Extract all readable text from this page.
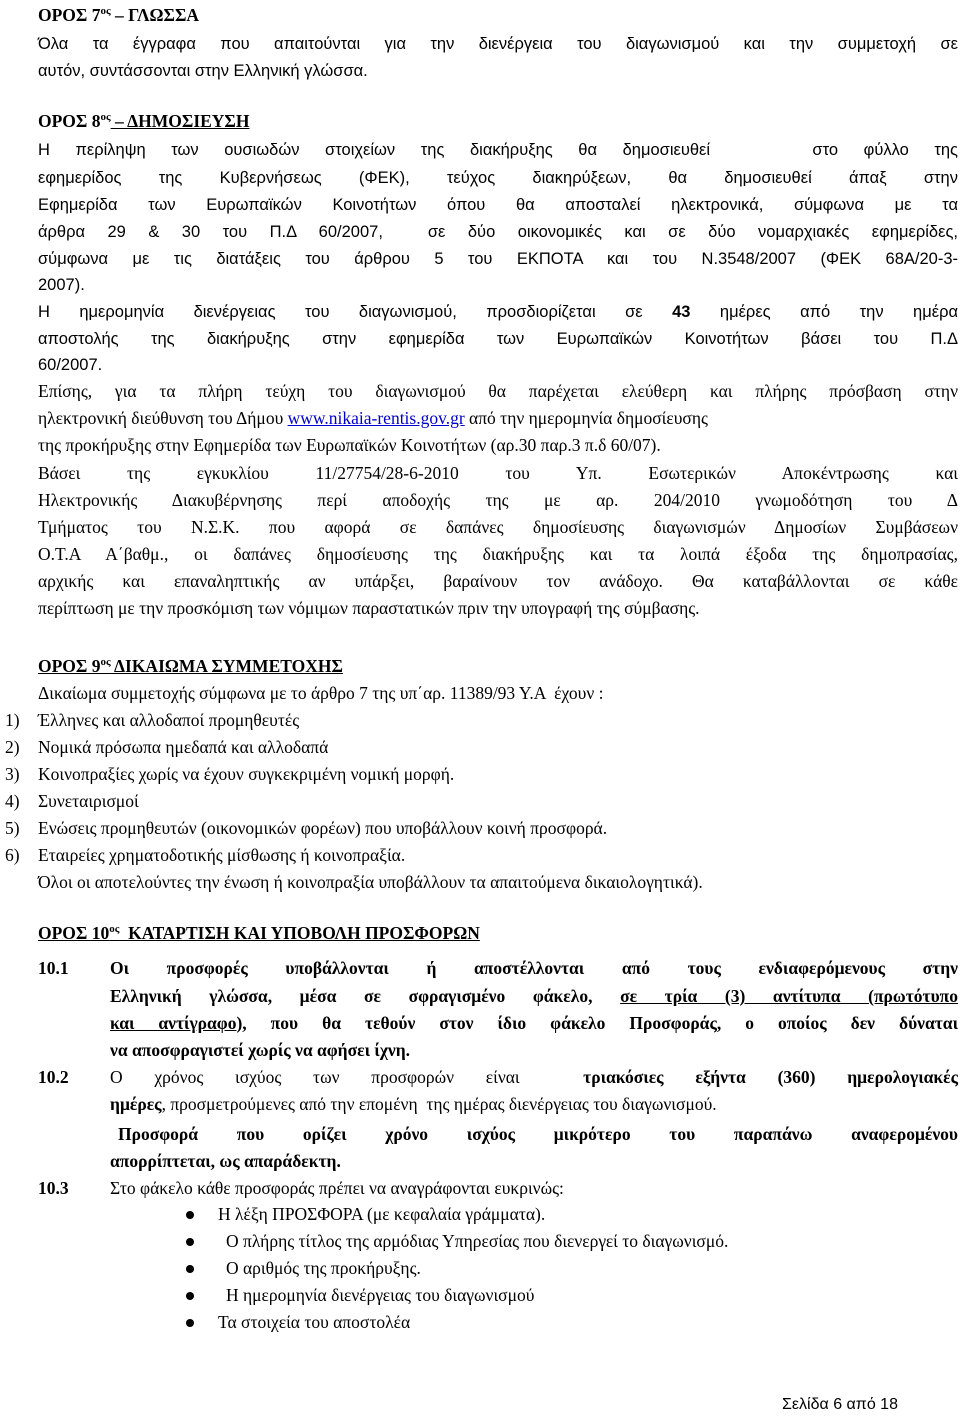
ΟΡΟΣ $7^{o\varsigma}$ – ΓΛΩΣΣΑ
Όλα τα έγγραφα που απαιτούνται για την διενέργεια του διαγωνισμού και την συμμετοχή σε
αυτόν, συντάσσονται στην Ελληνική γλώσσα.
ΟΡΟΣ $8^{o\varsigma}$ – ΔΗΜΟΣΙΕΥΣΗ
Η περίληψη των ουσιωδών στοιχείων της διακήρυξης θα δημοσιευθεί    στο φύλλο της
εφημερίδος της Κυβερνήσεως (ΦΕΚ), τεύχος διακηρύξεων, θα δημοσιευθεί άπαξ στην
Εφημερίδα των Ευρωπαϊκών Κοινοτήτων όπου θα αποσταλεί ηλεκτρονικά, σύμφωνα με τα
άρθρα 29 & 30 του Π.Δ 60/2007,  σε δύο οικονομικές και σε δύο νομαρχιακές εφημερίδες,
σύμφωνα με τις διατάξεις του άρθρου 5 του ΕΚΠΟΤΑ και του Ν.3548/2007 (ΦΕΚ 68Α/20-3-
2007).
Η ημερομηνία διενέργειας του διαγωνισμού, προσδιορίζεται σε 43 ημέρες από την ημέρα
αποστολής της διακήρυξης στην εφημερίδα των Ευρωπαϊκών Κοινοτήτων βάσει του Π.Δ
60/2007.
Επίσης, για τα πλήρη τεύχη του διαγωνισμού θα παρέχεται ελεύθερη και πλήρης πρόσβαση στην
ηλεκτρονική διεύθυνση του Δήμου www.nikaia-rentis.gov.gr από την ημερομηνία δημοσίευσης
της προκήρυξης στην Εφημερίδα των Ευρωπαϊκών Κοινοτήτων (αρ.30 παρ.3 π.δ 60/07).
Βάσει της εγκυκλίου 11/27754/28-6-2010 του Υπ. Εσωτερικών Αποκέντρωσης και
Ηλεκτρονικής Διακυβέρνησης περί αποδοχής της με αρ. 204/2010 γνωμοδότηση του Δ
Τμήματος του Ν.Σ.Κ. που αφορά σε δαπάνες δημοσίευσης διαγωνισμών Δημοσίων Συμβάσεων
Ο.Τ.Α Α΄βαθμ., οι δαπάνες δημοσίευσης της διακήρυξης και τα λοιπά έξοδα της δημοπρασίας,
αρχικής και επαναληπτικής αν υπάρξει, βαραίνουν τον ανάδοχο. Θα καταβάλλονται σε κάθε
περίπτωση με την προσκόμιση των νόμιμων παραστατικών πριν την υπογραφή της σύμβασης.
ΟΡΟΣ $9^{o\varsigma}$ ΔΙΚΑΙΩΜΑ ΣΥΜΜΕΤΟΧΗΣ
Δικαίωμα συμμετοχής σύμφωνα με το άρθρο 7 της υπ΄αρ. 11389/93 Υ.Α  έχουν :
1) Έλληνες και αλλοδαποί προμηθευτές
2) Νομικά πρόσωπα ημεδαπά και αλλοδαπά
3) Κοινοπραξίες χωρίς να έχουν συγκεκριμένη νομική μορφή.
4) Συνεταιρισμοί
5) Ενώσεις προμηθευτών (οικονομικών φορέων) που υποβάλλουν κοινή προσφορά.
6) Εταιρείες χρηματοδοτικής μίσθωσης ή κοινοπραξία.
Όλοι οι αποτελούντες την ένωση ή κοινοπραξία υποβάλλουν τα απαιτούμενα δικαιολογητικά).
ΟΡΟΣ $10^{o\varsigma}$  ΚΑΤΑΡΤΙΣΗ ΚΑΙ ΥΠΟΒΟΛΗ ΠΡΟΣΦΟΡΩΝ
10.1 Οι προσφορές υποβάλλονται ή αποστέλλονται από τους ενδιαφερόμενους στην
Ελληνική γλώσσα, μέσα σε σφραγισμένο φάκελο, σε τρία (3) αντίτυπα (πρωτότυπο
και αντίγραφο), που θα τεθούν στον ίδιο φάκελο Προσφοράς, ο οποίος δεν δύναται
να αποσφραγιστεί χωρίς να αφήσει ίχνη.
10.2 Ο χρόνος ισχύος των προσφορών είναι  τριακόσιες εξήντα (360) ημερολογιακές
ημέρες, προσμετρούμενες από την επομένη  της ημέρας διενέργειας του διαγωνισμού.
Προσφορά που ορίζει χρόνο ισχύος μικρότερο του παραπάνω αναφερομένου
απορρίπτεται, ως απαράδεκτη.
10.3 Στο φάκελο κάθε προσφοράς πρέπει να αναγράφονται ευκρινώς:
Η λέξη ΠΡΟΣΦΟΡΑ (με κεφαλαία γράμματα).
Ο πλήρης τίτλος της αρμόδιας Υπηρεσίας που διενεργεί το διαγωνισμό.
Ο αριθμός της προκήρυξης.
Η ημερομηνία διενέργειας του διαγωνισμού
Τα στοιχεία του αποστολέα
Σελίδα 6 από 18
